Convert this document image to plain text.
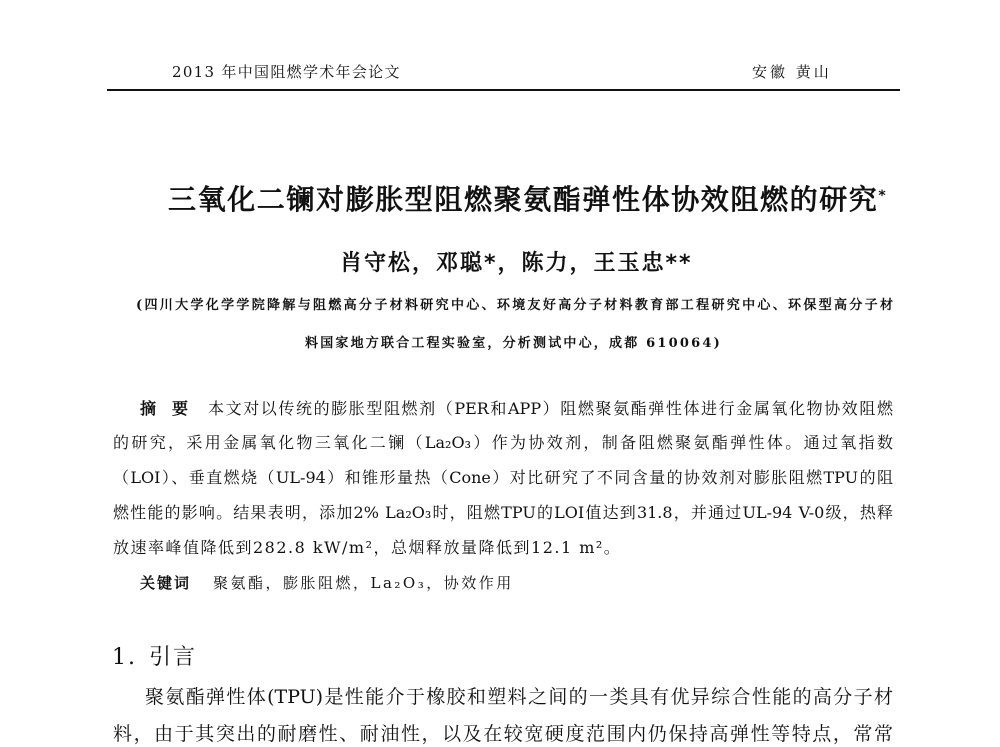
2013 年中国阻燃学术年会论文	安徽 黄山
三氧化二镧对膨胀型阻燃聚氨酯弹性体协效阻燃的研究*
肖守松，邓聪*，陈力，王玉忠**
(四川大学化学学院降解与阻燃高分子材料研究中心、环境友好高分子材料教育部工程研究中心、环保型高分子材
料国家地方联合工程实验室，分析测试中心，成都 610064)
摘　要 本文对以传统的膨胀型阻燃剂（PER和APP）阻燃聚氨酯弹性体进行金属氧化物协效阻燃
的研究，采用金属氧化物三氧化二镧（La₂O₃）作为协效剂，制备阻燃聚氨酯弹性体。通过氧指数
（LOI）、垂直燃烧（UL-94）和锥形量热（Cone）对比研究了不同含量的协效剂对膨胀阻燃TPU的阻
燃性能的影响。结果表明，添加2% La₂O₃时，阻燃TPU的LOI值达到31.8，并通过UL-94 V-0级，热释
放速率峰值降低到282.8 kW/m²，总烟释放量降低到12.1 m²。
关键词 聚氨酯，膨胀阻燃，La₂O₃，协效作用
1. 引言
聚氨酯弹性体(TPU)是性能介于橡胶和塑料之间的一类具有优异综合性能的高分子材
料，由于其突出的耐磨性、耐油性，以及在较宽硬度范围内仍保持高弹性等特点，常常
